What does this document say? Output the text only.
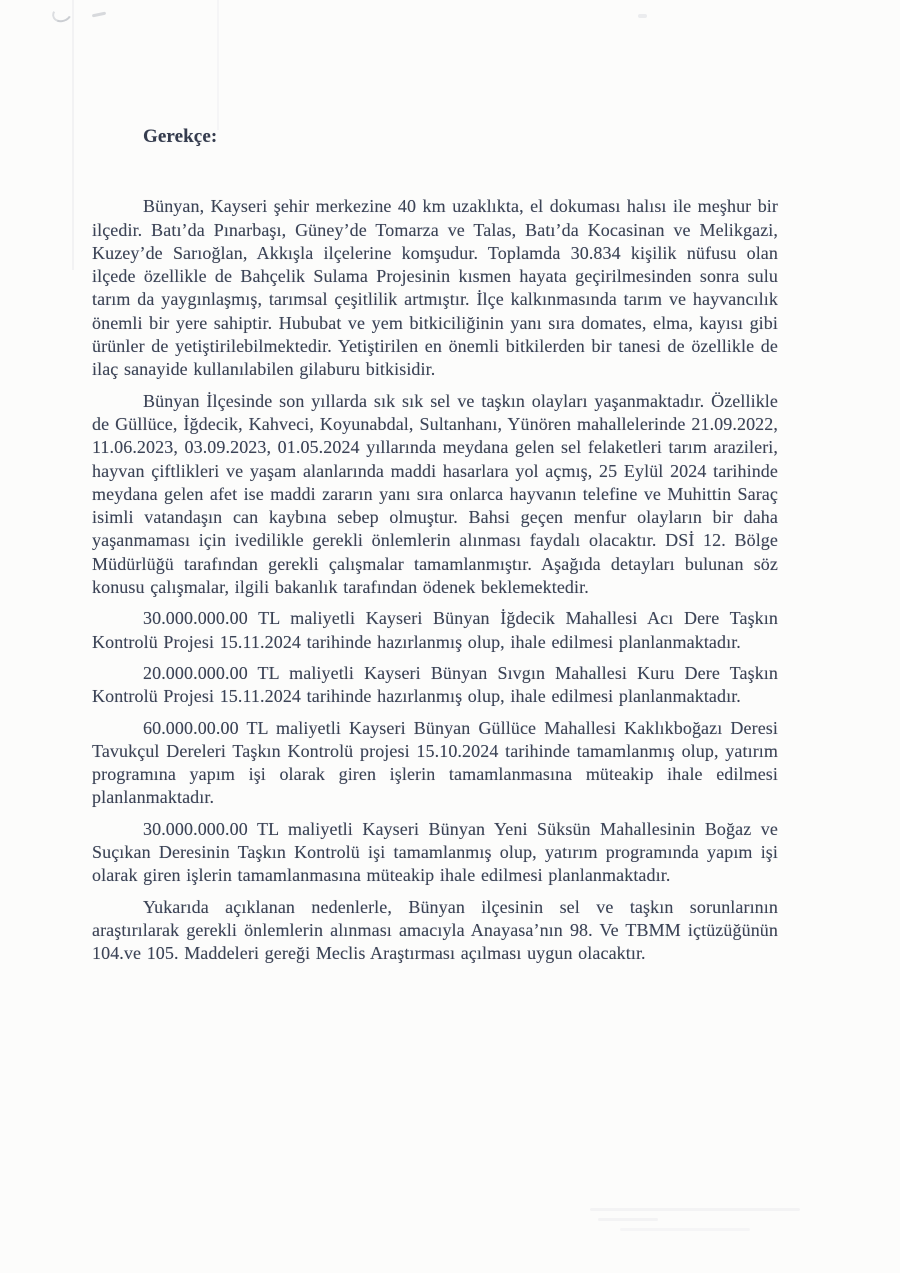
Gerekçe:

Bünyan, Kayseri şehir merkezine 40 km uzaklıkta, el dokuması halısı ile meşhur bir ilçedir. Batı’da Pınarbaşı, Güney’de Tomarza ve Talas, Batı’da Kocasinan ve Melikgazi, Kuzey’de Sarıoğlan, Akkışla ilçelerine komşudur. Toplamda 30.834 kişilik nüfusu olan ilçede özellikle de Bahçelik Sulama Projesinin kısmen hayata geçirilmesinden sonra sulu tarım da yaygınlaşmış, tarımsal çeşitlilik artmıştır. İlçe kalkınmasında tarım ve hayvancılık önemli bir yere sahiptir. Hububat ve yem bitkiciliğinin yanı sıra domates, elma, kayısı gibi ürünler de yetiştirilebilmektedir. Yetiştirilen en önemli bitkilerden bir tanesi de özellikle de ilaç sanayide kullanılabilen gilaburu bitkisidir.

Bünyan İlçesinde son yıllarda sık sık sel ve taşkın olayları yaşanmaktadır. Özellikle de Güllüce, İğdecik, Kahveci, Koyunabdal, Sultanhanı, Yünören mahallelerinde 21.09.2022, 11.06.2023, 03.09.2023, 01.05.2024 yıllarında meydana gelen sel felaketleri tarım arazileri, hayvan çiftlikleri ve yaşam alanlarında maddi hasarlara yol açmış, 25 Eylül 2024 tarihinde meydana gelen afet ise maddi zararın yanı sıra onlarca hayvanın telefine ve Muhittin Saraç isimli vatandaşın can kaybına sebep olmuştur. Bahsi geçen menfur olayların bir daha yaşanmaması için ivedilikle gerekli önlemlerin alınması faydalı olacaktır. DSİ 12. Bölge Müdürlüğü tarafından gerekli çalışmalar tamamlanmıştır. Aşağıda detayları bulunan söz konusu çalışmalar, ilgili bakanlık tarafından ödenek beklemektedir.

30.000.000.00 TL maliyetli Kayseri Bünyan İğdecik Mahallesi Acı Dere Taşkın Kontrolü Projesi 15.11.2024 tarihinde hazırlanmış olup, ihale edilmesi planlanmaktadır.

20.000.000.00 TL maliyetli Kayseri Bünyan Sıvgın Mahallesi Kuru Dere Taşkın Kontrolü Projesi 15.11.2024 tarihinde hazırlanmış olup, ihale edilmesi planlanmaktadır.

60.000.00.00 TL maliyetli Kayseri Bünyan Güllüce Mahallesi Kaklıkboğazı Deresi Tavukçul Dereleri Taşkın Kontrolü projesi 15.10.2024 tarihinde tamamlanmış olup, yatırım programına yapım işi olarak giren işlerin tamamlanmasına müteakip ihale edilmesi planlanmaktadır.

30.000.000.00 TL maliyetli Kayseri Bünyan Yeni Süksün Mahallesinin Boğaz ve Suçıkan Deresinin Taşkın Kontrolü işi tamamlanmış olup, yatırım programında yapım işi olarak giren işlerin tamamlanmasına müteakip ihale edilmesi planlanmaktadır.

Yukarıda açıklanan nedenlerle, Bünyan ilçesinin sel ve taşkın sorunlarının araştırılarak gerekli önlemlerin alınması amacıyla Anayasa’nın 98. Ve TBMM içtüzüğünün 104.ve 105. Maddeleri gereği Meclis Araştırması açılması uygun olacaktır.
